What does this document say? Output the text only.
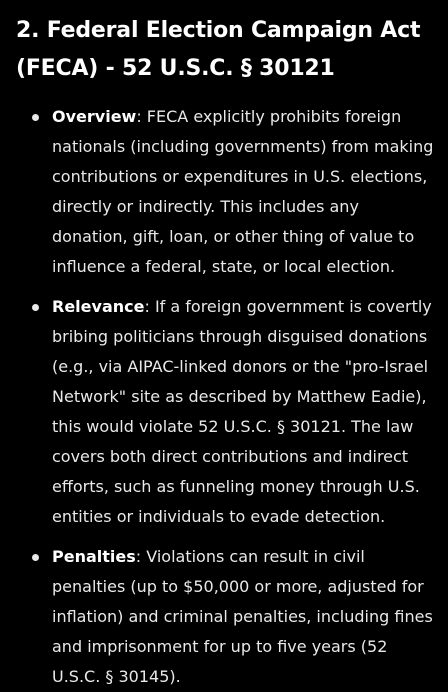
2. Federal Election Campaign Act (FECA) - 52 U.S.C. § 30121
Overview: FECA explicitly prohibits foreign nationals (including governments) from making contributions or expenditures in U.S. elections, directly or indirectly. This includes any donation, gift, loan, or other thing of value to influence a federal, state, or local election.
Relevance: If a foreign government is covertly bribing politicians through disguised donations (e.g., via AIPAC-linked donors or the "pro-Israel Network" site as described by Matthew Eadie), this would violate 52 U.S.C. § 30121. The law covers both direct contributions and indirect efforts, such as funneling money through U.S. entities or individuals to evade detection.
Penalties: Violations can result in civil penalties (up to $50,000 or more, adjusted for inflation) and criminal penalties, including fines and imprisonment for up to five years (52 U.S.C. § 30145).
